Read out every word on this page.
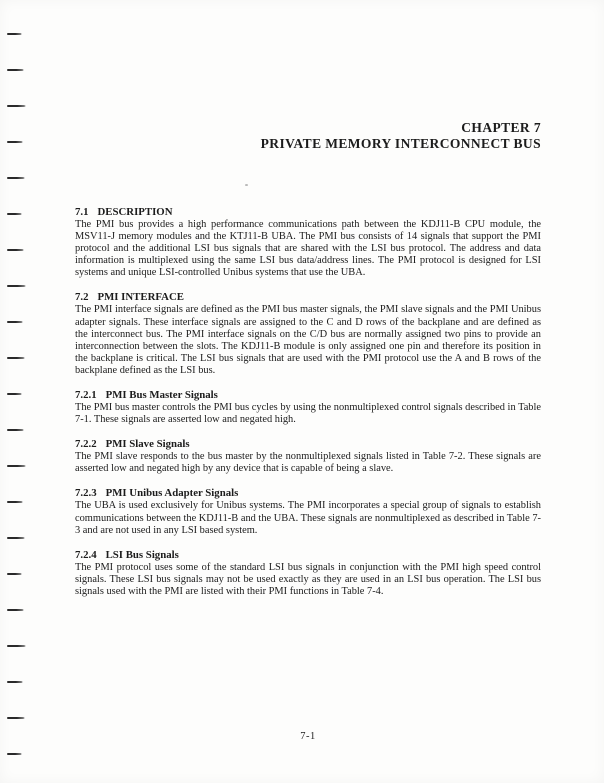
CHAPTER 7
PRIVATE MEMORY INTERCONNECT BUS
7.1 DESCRIPTION
The PMI bus provides a high performance communications path between the KDJ11-B CPU module, the MSV11-J memory modules and the KTJ11-B UBA. The PMI bus consists of 14 signals that support the PMI protocol and the additional LSI bus signals that are shared with the LSI bus protocol. The address and data information is multiplexed using the same LSI bus data/address lines. The PMI protocol is designed for LSI systems and unique LSI-controlled Unibus systems that use the UBA.
7.2 PMI INTERFACE
The PMI interface signals are defined as the PMI bus master signals, the PMI slave signals and the PMI Unibus adapter signals. These interface signals are assigned to the C and D rows of the backplane and are defined as the interconnect bus. The PMI interface signals on the C/D bus are normally assigned two pins to provide an interconnection between the slots. The KDJ11-B module is only assigned one pin and therefore its position in the backplane is critical. The LSI bus signals that are used with the PMI protocol use the A and B rows of the backplane defined as the LSI bus.
7.2.1 PMI Bus Master Signals
The PMI bus master controls the PMI bus cycles by using the nonmultiplexed control signals described in Table 7-1. These signals are asserted low and negated high.
7.2.2 PMI Slave Signals
The PMI slave responds to the bus master by the nonmultiplexed signals listed in Table 7-2. These signals are asserted low and negated high by any device that is capable of being a slave.
7.2.3 PMI Unibus Adapter Signals
The UBA is used exclusively for Unibus systems. The PMI incorporates a special group of signals to establish communications between the KDJ11-B and the UBA. These signals are nonmultiplexed as described in Table 7-3 and are not used in any LSI based system.
7.2.4 LSI Bus Signals
The PMI protocol uses some of the standard LSI bus signals in conjunction with the PMI high speed control signals. These LSI bus signals may not be used exactly as they are used in an LSI bus operation. The LSI bus signals used with the PMI are listed with their PMI functions in Table 7-4.
7-1
